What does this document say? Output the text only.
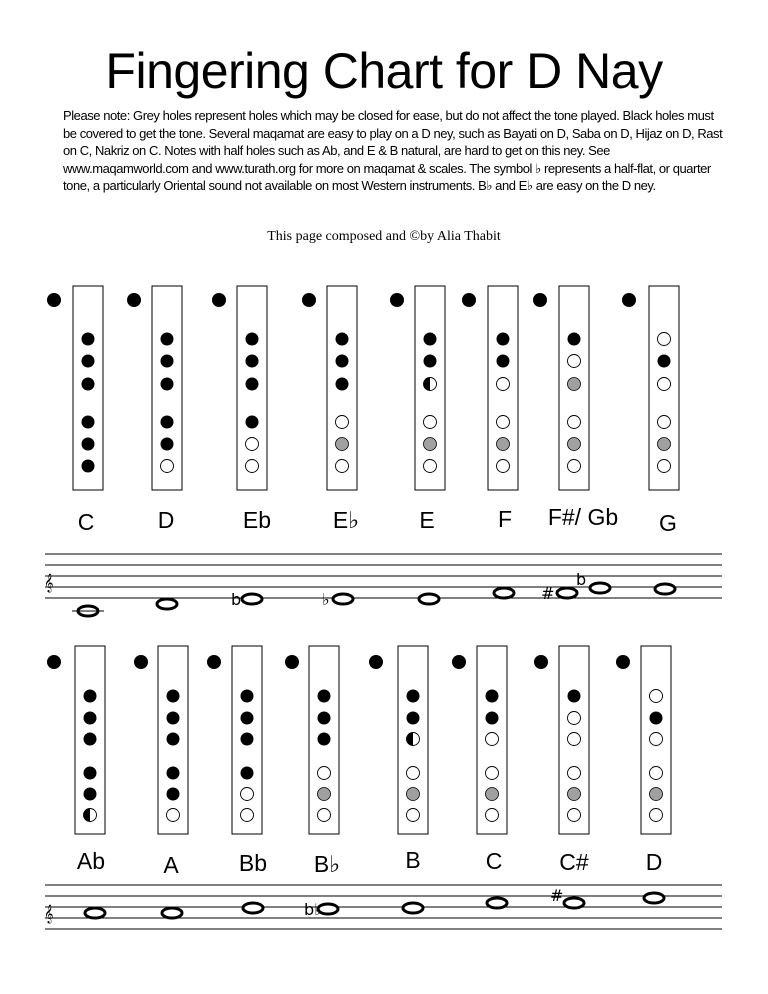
Fingering Chart for D Nay
Please note: Grey holes represent holes which may be closed for ease, but do not affect the tone played. Black holes must be covered to get the tone. Several maqamat are easy to play on a D ney, such as Bayati on D, Saba on D, Hijaz on D, Rast on C, Nakriz on C. Notes with half holes such as Ab, and E & B natural, are hard to get on this ney. See www.maqamworld.com and www.turath.org for more on maqamat & scales. The symbol ♭ represents a half-flat, or quarter tone, a particularly Oriental sound not available on most Western instruments. B♭ and E♭ are easy on the D ney.
This page composed and ©by Alia Thabit
C	D	Eb	E♭	E	F F#/ Gb G
𝄞
b	♭	#
b
Ab	A	Bb B♭	B	C C# D
𝄞	b♭
#
